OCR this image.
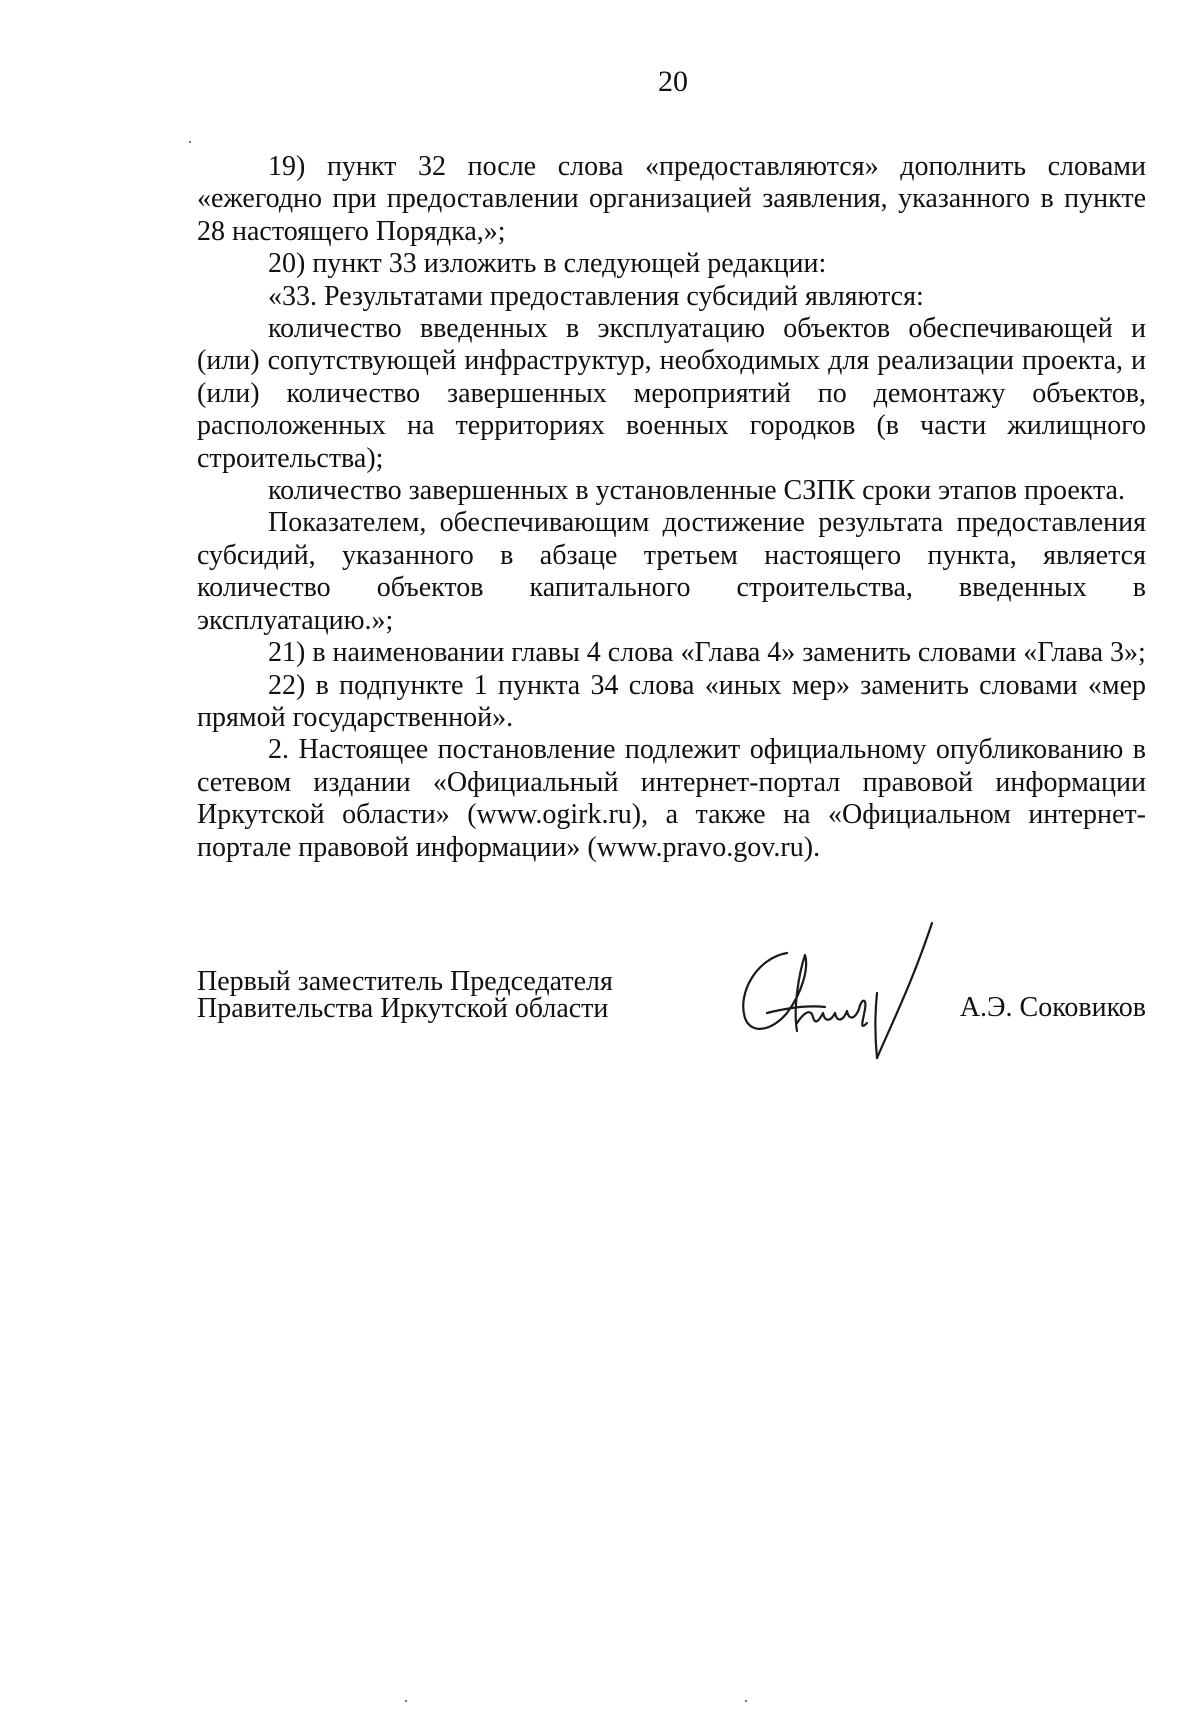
20

19) пункт 32 после слова «предоставляются» дополнить словами «ежегодно при предоставлении организацией заявления, указанного в пункте 28 настоящего Порядка,»;

20) пункт 33 изложить в следующей редакции:

«33. Результатами предоставления субсидий являются:

количество введенных в эксплуатацию объектов обеспечивающей и (или) сопутствующей инфраструктур, необходимых для реализации проекта, и (или) количество завершенных мероприятий по демонтажу объектов, расположенных на территориях военных городков (в части жилищного строительства);

количество завершенных в установленные СЗПК сроки этапов проекта.

Показателем, обеспечивающим достижение результата предоставления субсидий, указанного в абзаце третьем настоящего пункта, является количество объектов капитального строительства, введенных в эксплуатацию.»;

21) в наименовании главы 4 слова «Глава 4» заменить словами «Глава 3»;

22) в подпункте 1 пункта 34 слова «иных мер» заменить словами «мер прямой государственной».

2. Настоящее постановление подлежит официальному опубликованию в сетевом издании «Официальный интернет-портал правовой информации Иркутской области» (www.ogirk.ru), а также на «Официальном интернет-портале правовой информации» (www.pravo.gov.ru).

Первый заместитель Председателя
Правительства Иркутской области	А.Э. Соковиков
